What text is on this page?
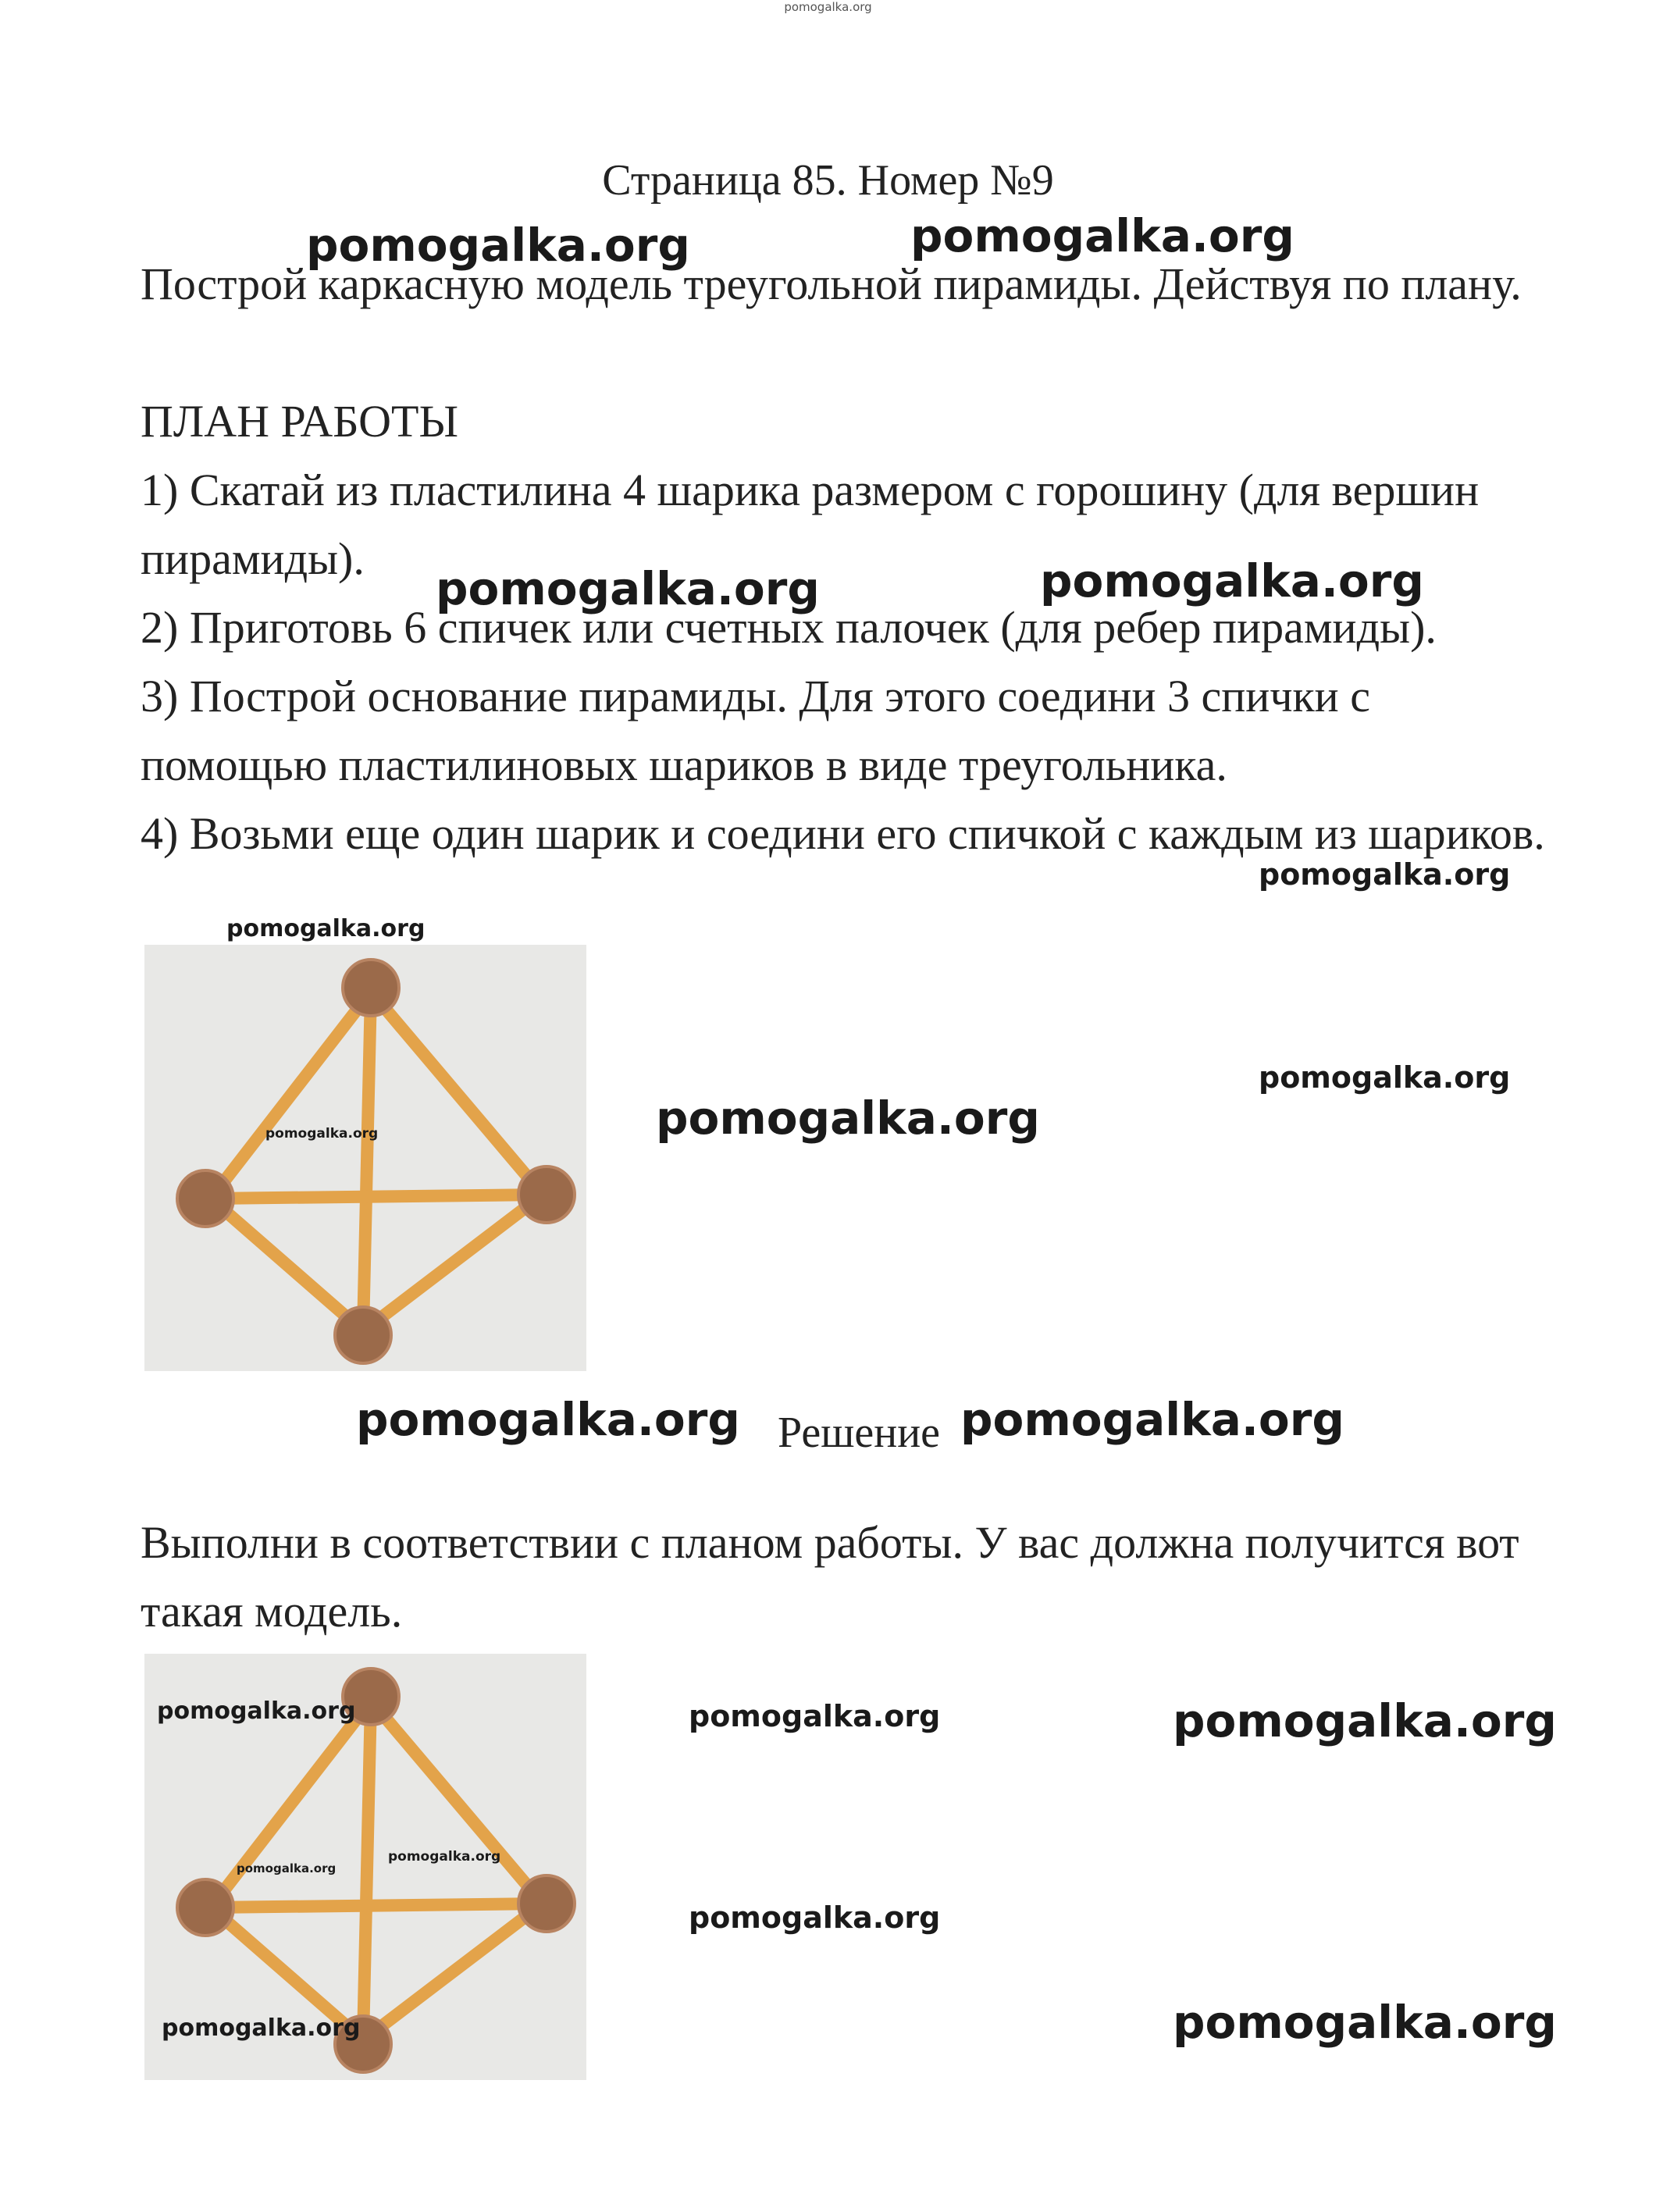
pomogalka.org
Страница 85. Номер №9
Построй каркасную модель треугольной пирамиды. Действуя по плану.
ПЛАН РАБОТЫ
1) Скатай из пластилина 4 шарика размером с горошину (для вершин пирамиды).
2) Приготовь 6 спичек или счетных палочек (для ребер пирамиды).
3) Построй основание пирамиды. Для этого соедини 3 спички с помощью пластилиновых шариков в виде треугольника.
4) Возьми еще один шарик и соедини его спичкой с каждым из шариков.
pomogalka.org
Решение
Выполни в соответствии с планом работы. У вас должна получится вот такая модель.
pomogalka.org
pomogalka.org
pomogalka.org
pomogalka.org
pomogalka.org	pomogalka.org
pomogalka.org	pomogalka.org
pomogalka.org
pomogalka.org
pomogalka.org
pomogalka.org
pomogalka.org	pomogalka.org
pomogalka.org	pomogalka.org
pomogalka.org
pomogalka.org
